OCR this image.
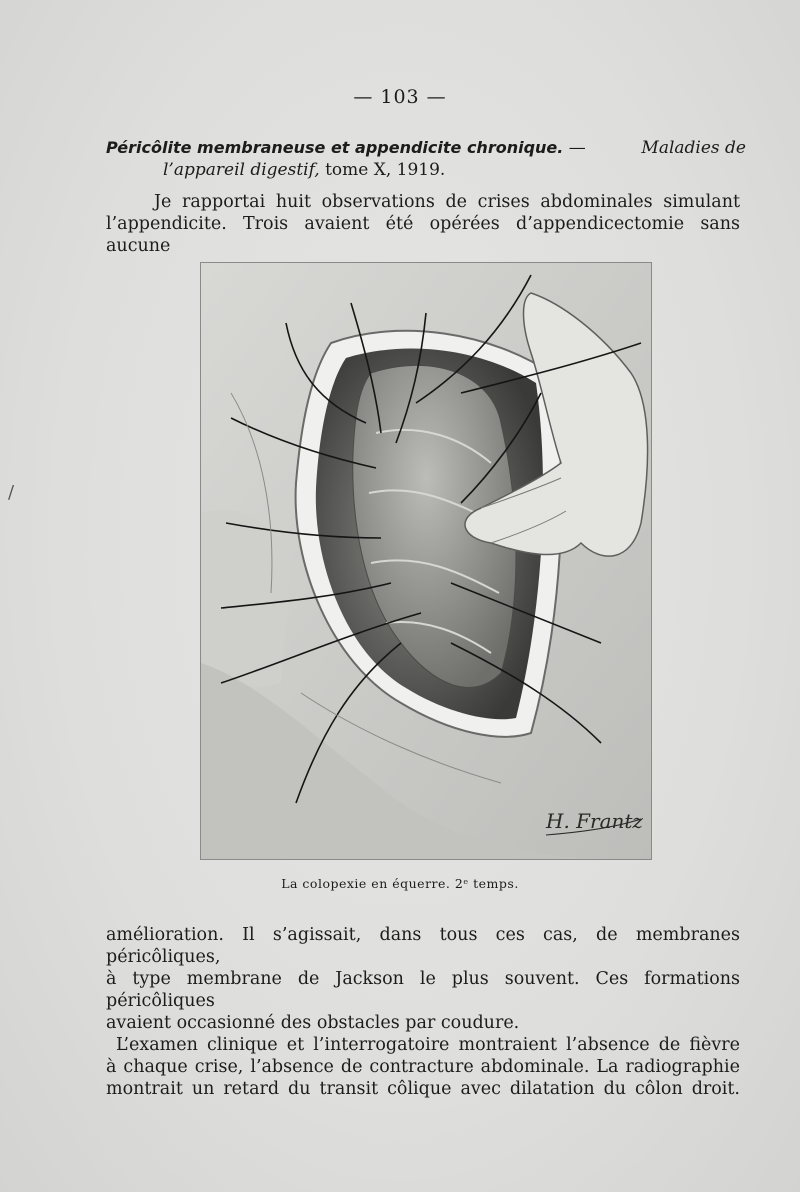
— 103 —
Péricôlite membraneuse et appendicite chronique. —	Maladies de
l’appareil digestif, tome X, 1919.
Je rapportai huit observations de crises abdominales simulant
l’appendicite. Trois avaient été opérées d’appendicectomie sans aucune
H. Frantz
La colopexie en équerre. 2ᵉ temps.
amélioration. Il s’agissait, dans tous ces cas, de membranes péricôliques,
à type membrane de Jackson le plus souvent. Ces formations péricôliques
avaient occasionné des obstacles par coudure.
L’examen clinique et l’interrogatoire montraient l’absence de fièvre
à chaque crise, l’absence de contracture abdominale. La radiographie
montrait un retard du transit côlique avec dilatation du côlon droit.
/
